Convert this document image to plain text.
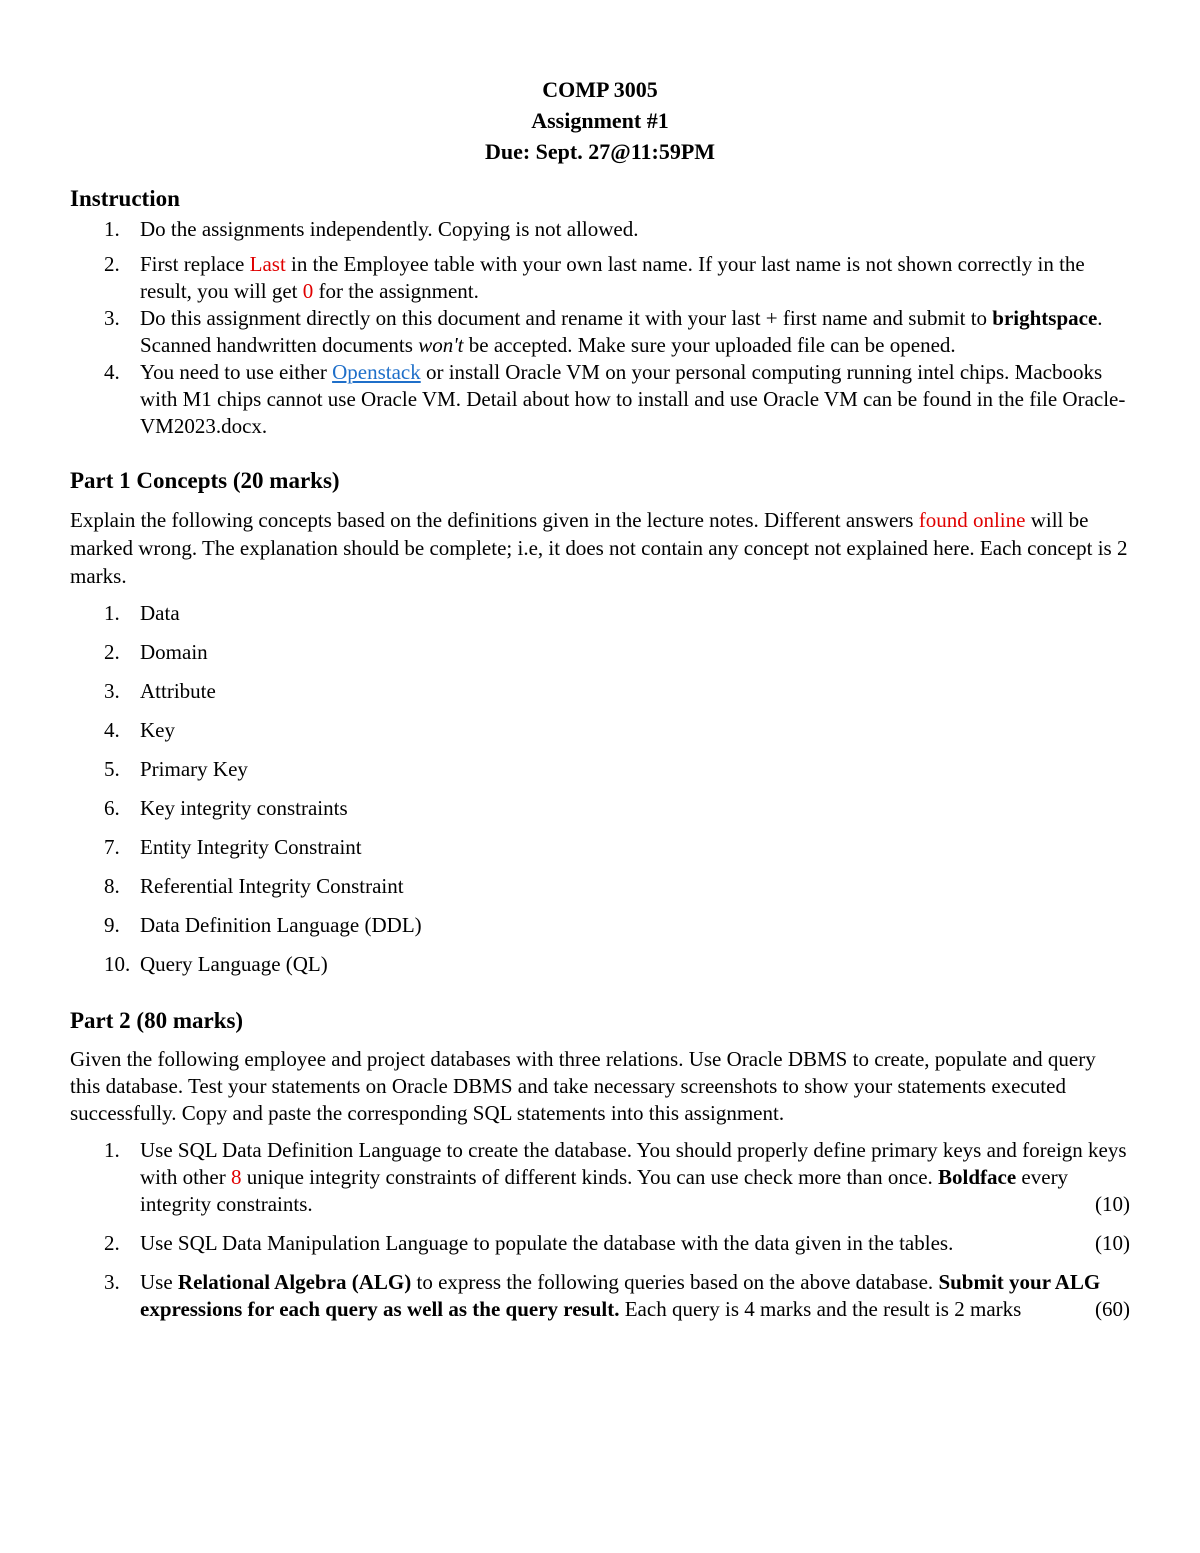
COMP 3005
Assignment #1
Due: Sept. 27@11:59PM
Instruction
1. Do the assignments independently. Copying is not allowed.
2. First replace Last in the Employee table with your own last name. If your last name is not shown correctly in the result, you will get 0 for the assignment.
3. Do this assignment directly on this document and rename it with your last + first name and submit to brightspace. Scanned handwritten documents won't be accepted. Make sure your uploaded file can be opened.
4. You need to use either Openstack or install Oracle VM on your personal computing running intel chips. Macbooks with M1 chips cannot use Oracle VM. Detail about how to install and use Oracle VM can be found in the file Oracle-VM2023.docx.
Part 1 Concepts (20 marks)

Explain the following concepts based on the definitions given in the lecture notes. Different answers found online will be marked wrong. The explanation should be complete; i.e, it does not contain any concept not explained here. Each concept is 2 marks.

1. Data
2. Domain
3. Attribute
4. Key
5. Primary Key
6. Key integrity constraints
7. Entity Integrity Constraint
8. Referential Integrity Constraint
9. Data Definition Language (DDL)
10. Query Language (QL)
Part 2 (80 marks)

Given the following employee and project databases with three relations. Use Oracle DBMS to create, populate and query this database. Test your statements on Oracle DBMS and take necessary screenshots to show your statements executed successfully. Copy and paste the corresponding SQL statements into this assignment.

1. Use SQL Data Definition Language to create the database. You should properly define primary keys and foreign keys with other 8 unique integrity constraints of different kinds. You can use check more than once. Boldface every integrity constraints.	(10)
2. Use SQL Data Manipulation Language to populate the database with the data given in the tables.	(10)
3. Use Relational Algebra (ALG) to express the following queries based on the above database. Submit your ALG expressions for each query as well as the query result. Each query is 4 marks and the result is 2 marks	(60)
